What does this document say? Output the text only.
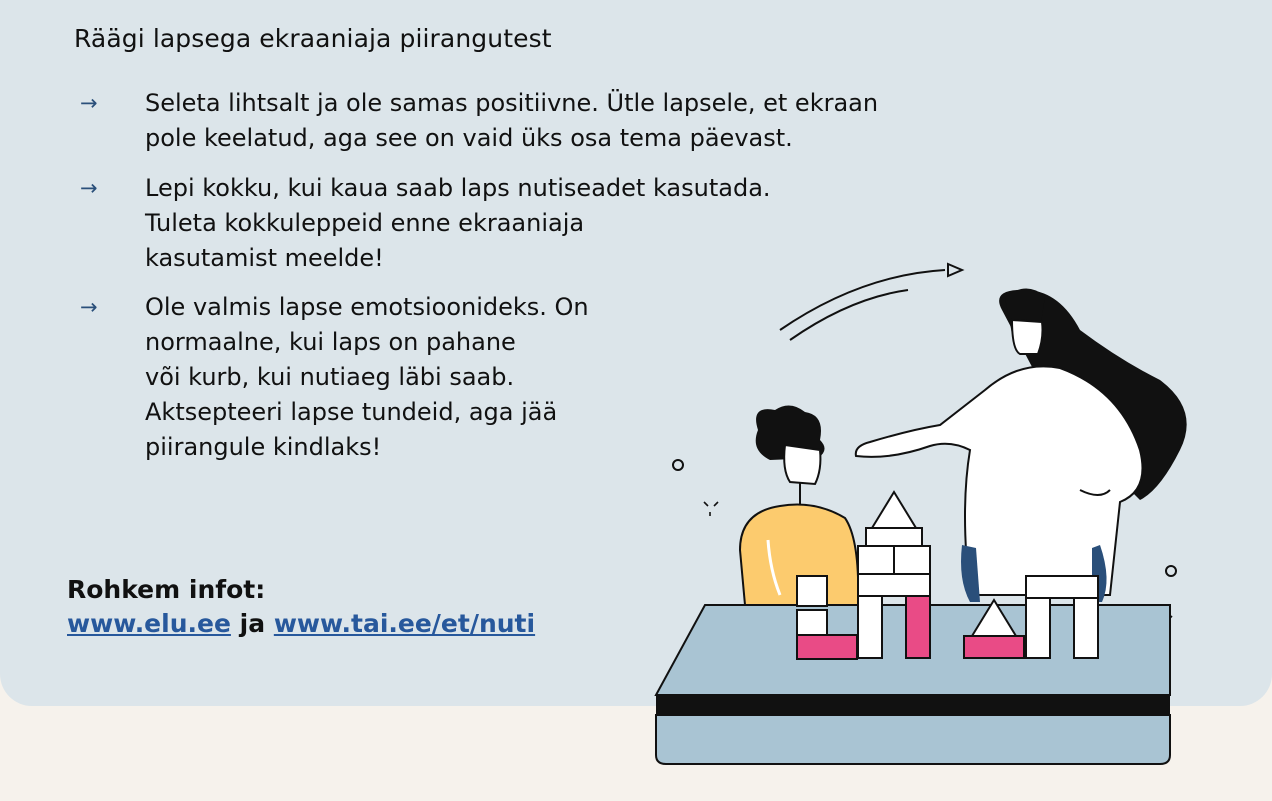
Räägi lapsega ekraaniaja piirangutest
→ Seleta lihtsalt ja ole samas positiivne. Ütle lapsele, et ekraan
pole keelatud, aga see on vaid üks osa tema päevast.
→ Lepi kokku, kui kaua saab laps nutiseadet kasutada.
Tuleta kokkuleppeid enne ekraaniaja
kasutamist meelde!
→ Ole valmis lapse emotsioonideks. On
normaalne, kui laps on pahane
või kurb, kui nutiaeg läbi saab.
Aktsepteeri lapse tundeid, aga jää
piirangule kindlaks!
Rohkem infot:
www.elu.ee ja www.tai.ee/et/nuti
